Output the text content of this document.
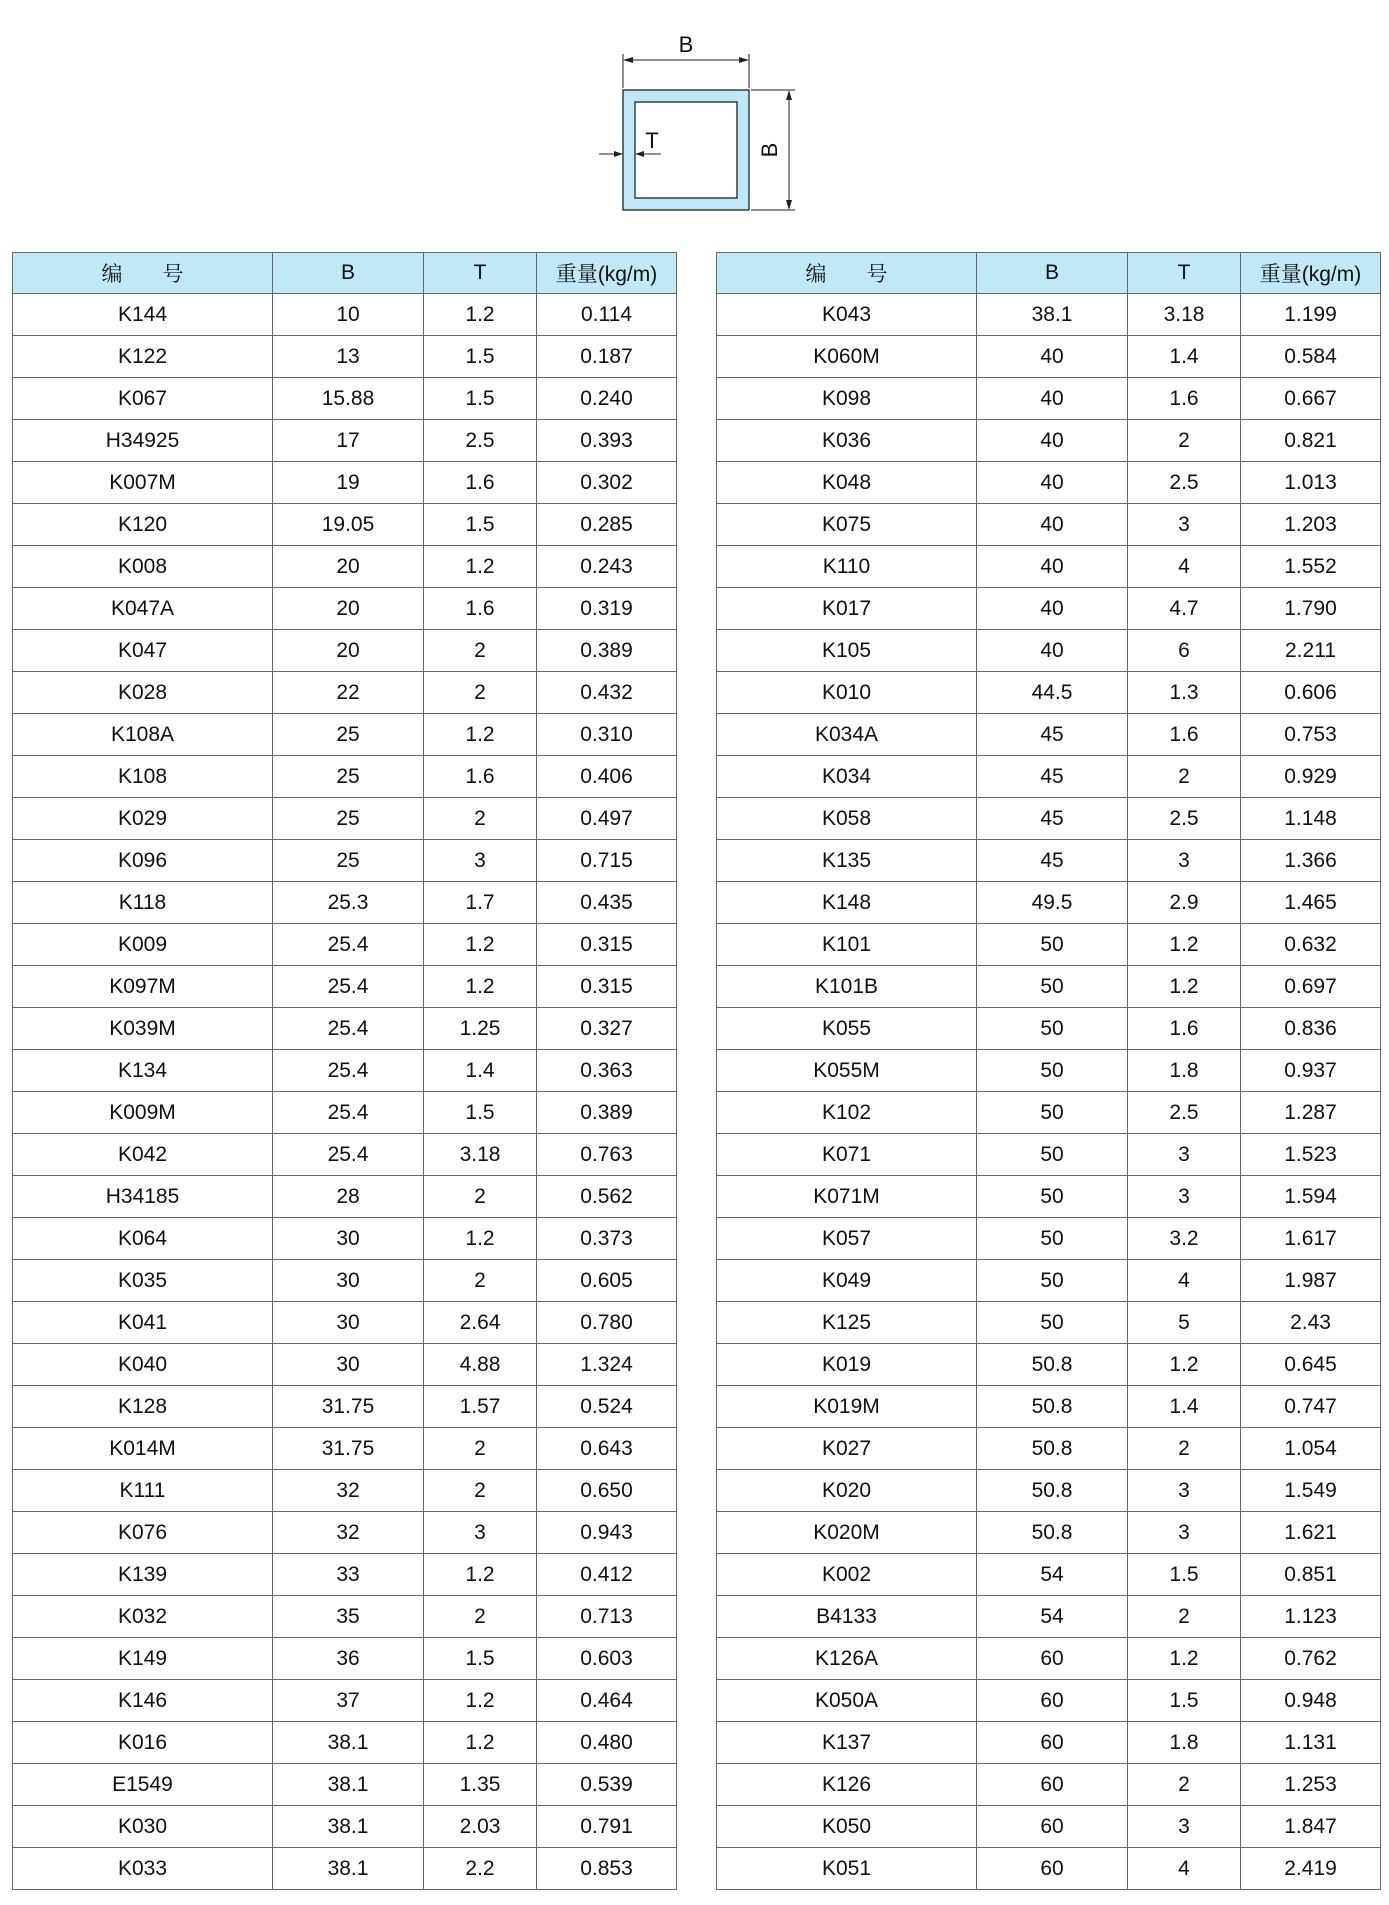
B
B
T
编号	B	T	重量(kg/m)
K144	10	1.2	0.114
K122	13	1.5	0.187
K067	15.88	1.5	0.240
H34925	17	2.5	0.393
K007M	19	1.6	0.302
K120	19.05	1.5	0.285
K008	20	1.2	0.243
K047A	20	1.6	0.319
K047	20	2	0.389
K028	22	2	0.432
K108A	25	1.2	0.310
K108	25	1.6	0.406
K029	25	2	0.497
K096	25	3	0.715
K118	25.3	1.7	0.435
K009	25.4	1.2	0.315
K097M	25.4	1.2	0.315
K039M	25.4	1.25	0.327
K134	25.4	1.4	0.363
K009M	25.4	1.5	0.389
K042	25.4	3.18	0.763
H34185	28	2	0.562
K064	30	1.2	0.373
K035	30	2	0.605
K041	30	2.64	0.780
K040	30	4.88	1.324
K128	31.75	1.57	0.524
K014M	31.75	2	0.643
K111	32	2	0.650
K076	32	3	0.943
K139	33	1.2	0.412
K032	35	2	0.713
K149	36	1.5	0.603
K146	37	1.2	0.464
K016	38.1	1.2	0.480
E1549	38.1	1.35	0.539
K030	38.1	2.03	0.791
K033	38.1	2.2	0.853
编号	B	T	重量(kg/m)
K043	38.1	3.18	1.199
K060M	40	1.4	0.584
K098	40	1.6	0.667
K036	40	2	0.821
K048	40	2.5	1.013
K075	40	3	1.203
K110	40	4	1.552
K017	40	4.7	1.790
K105	40	6	2.211
K010	44.5	1.3	0.606
K034A	45	1.6	0.753
K034	45	2	0.929
K058	45	2.5	1.148
K135	45	3	1.366
K148	49.5	2.9	1.465
K101	50	1.2	0.632
K101B	50	1.2	0.697
K055	50	1.6	0.836
K055M	50	1.8	0.937
K102	50	2.5	1.287
K071	50	3	1.523
K071M	50	3	1.594
K057	50	3.2	1.617
K049	50	4	1.987
K125	50	5	2.43
K019	50.8	1.2	0.645
K019M	50.8	1.4	0.747
K027	50.8	2	1.054
K020	50.8	3	1.549
K020M	50.8	3	1.621
K002	54	1.5	0.851
B4133	54	2	1.123
K126A	60	1.2	0.762
K050A	60	1.5	0.948
K137	60	1.8	1.131
K126	60	2	1.253
K050	60	3	1.847
K051	60	4	2.419
